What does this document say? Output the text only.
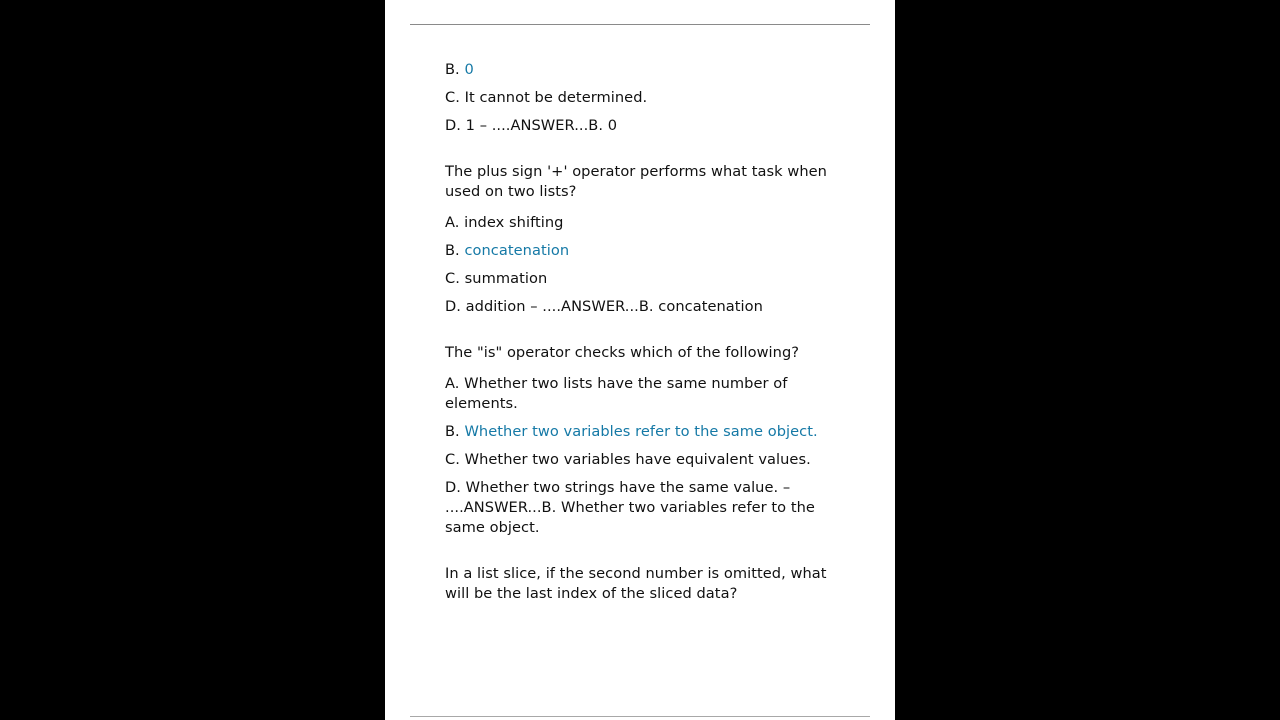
B. 0

C. It cannot be determined.

D. 1 – ....ANSWER...B. 0

The plus sign '+' operator performs what task when used on two lists?

A. index shifting

B. concatenation

C. summation

D. addition – ....ANSWER...B. concatenation

The "is" operator checks which of the following?

A. Whether two lists have the same number of elements.

B. Whether two variables refer to the same object.

C. Whether two variables have equivalent values.

D. Whether two strings have the same value. – ....ANSWER...B. Whether two variables refer to the same object.

In a list slice, if the second number is omitted, what will be the last index of the sliced data?
